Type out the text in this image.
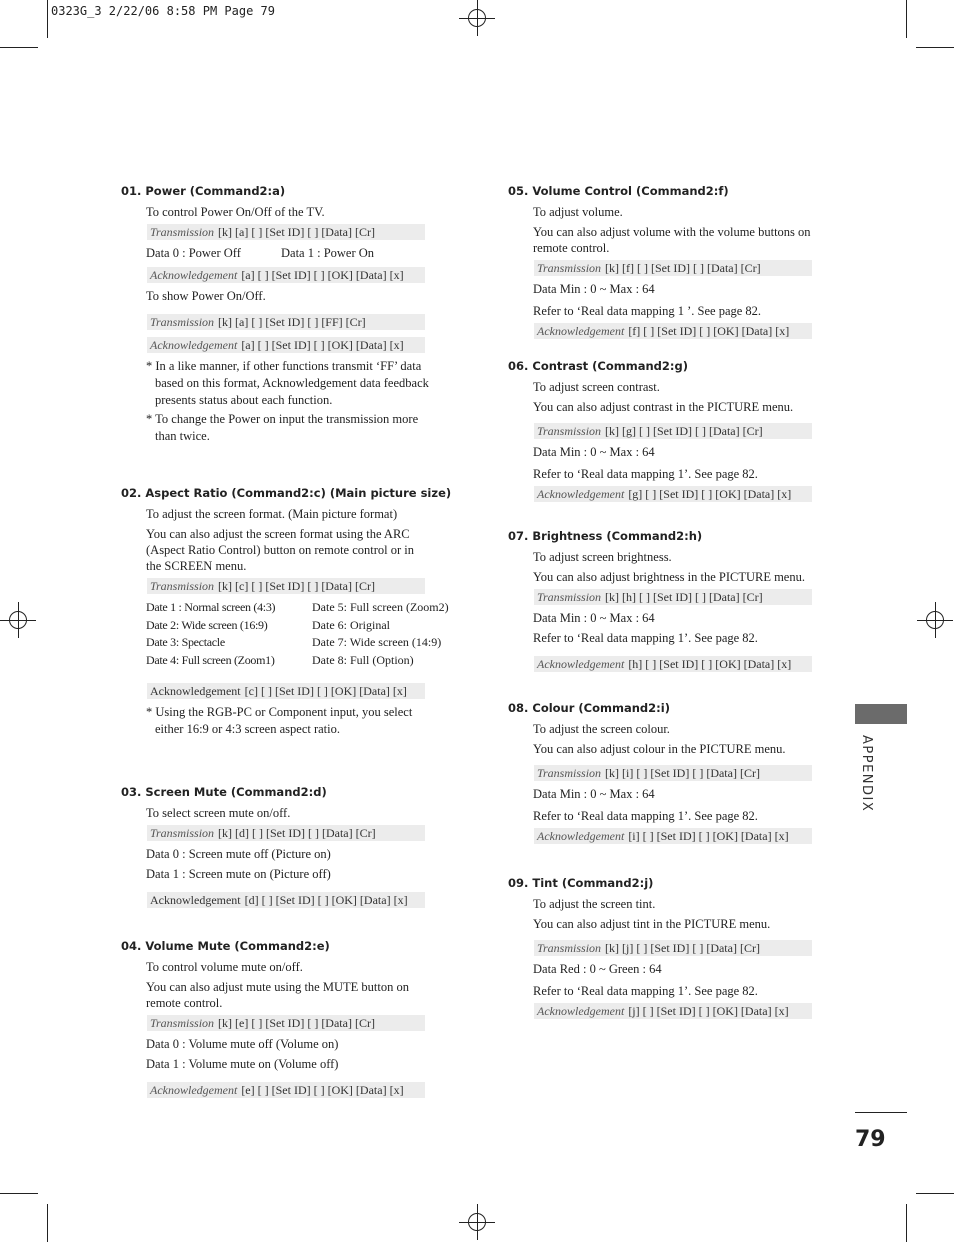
0323G_3 2/22/06 8:58 PM Page 79
01. Power (Command2:a)
To control Power On/Off of the TV.
Transmission [k] [a] [ ] [Set ID] [ ] [Data] [Cr]
Data 0 : Power Off	Data 1 : Power On
Acknowledgement [a] [ ] [Set ID] [ ] [OK] [Data] [x]
To show Power On/Off.
Transmission [k] [a] [ ] [Set ID] [ ] [FF] [Cr]
Acknowledgement [a] [ ] [Set ID] [ ] [OK] [Data] [x]
* In a like manner, if other functions transmit ‘FF’ data based on this format, Acknowledgement data feedback presents status about each function.
* To change the Power on input the transmission more than twice.
02. Aspect Ratio (Command2:c) (Main picture size)
To adjust the screen format. (Main picture format)
You can also adjust the screen format using the ARC (Aspect Ratio Control) button on remote control or in the SCREEN menu.
Transmission [k] [c] [ ] [Set ID] [ ] [Data] [Cr]
Date 1 : Normal screen (4:3)	Date 5: Full screen (Zoom2)
Date 2: Wide screen (16:9)	Date 6: Original
Date 3: Spectacle	Date 7: Wide screen (14:9)
Date 4: Full screen (Zoom1)	Date 8: Full (Option)
Acknowledgement [c] [ ] [Set ID] [ ] [OK] [Data] [x]
* Using the RGB-PC or Component input, you select either 16:9 or 4:3 screen aspect ratio.
03. Screen Mute (Command2:d)
To select screen mute on/off.
Transmission [k] [d] [ ] [Set ID] [ ] [Data] [Cr]
Data 0 : Screen mute off (Picture on)
Data 1 : Screen mute on (Picture off)
Acknowledgement [d] [ ] [Set ID] [ ] [OK] [Data] [x]
04. Volume Mute (Command2:e)
To control volume mute on/off.
You can also adjust mute using the MUTE button on remote control.
Transmission [k] [e] [ ] [Set ID] [ ] [Data] [Cr]
Data 0 : Volume mute off (Volume on)
Data 1 : Volume mute on (Volume off)
Acknowledgement [e] [ ] [Set ID] [ ] [OK] [Data] [x]
05. Volume Control (Command2:f)
To adjust volume.
You can also adjust volume with the volume buttons on remote control.
Transmission [k] [f] [ ] [Set ID] [ ] [Data] [Cr]
Data Min : 0 ~ Max : 64
Refer to ‘Real data mapping 1 ’. See page 82.
Acknowledgement [f] [ ] [Set ID] [ ] [OK] [Data] [x]
06. Contrast (Command2:g)
To adjust screen contrast.
You can also adjust contrast in the PICTURE menu.
Transmission [k] [g] [ ] [Set ID] [ ] [Data] [Cr]
Data Min : 0 ~ Max : 64
Refer to ‘Real data mapping 1’. See page 82.
Acknowledgement [g] [ ] [Set ID] [ ] [OK] [Data] [x]
07. Brightness (Command2:h)
To adjust screen brightness.
You can also adjust brightness in the PICTURE menu.
Transmission [k] [h] [ ] [Set ID] [ ] [Data] [Cr]
Data Min : 0 ~ Max : 64
Refer to ‘Real data mapping 1’. See page 82.
Acknowledgement [h] [ ] [Set ID] [ ] [OK] [Data] [x]
08. Colour (Command2:i)
To adjust the screen colour.
You can also adjust colour in the PICTURE menu.
Transmission [k] [i] [ ] [Set ID] [ ] [Data] [Cr]
Data Min : 0 ~ Max : 64
Refer to ‘Real data mapping 1’. See page 82.
Acknowledgement [i] [ ] [Set ID] [ ] [OK] [Data] [x]
09. Tint (Command2:j)
To adjust the screen tint.
You can also adjust tint in the PICTURE menu.
Transmission [k] [j] [ ] [Set ID] [ ] [Data] [Cr]
Data Red : 0 ~ Green : 64
Refer to ‘Real data mapping 1’. See page 82.
Acknowledgement [j] [ ] [Set ID] [ ] [OK] [Data] [x]
APPENDIX
79
